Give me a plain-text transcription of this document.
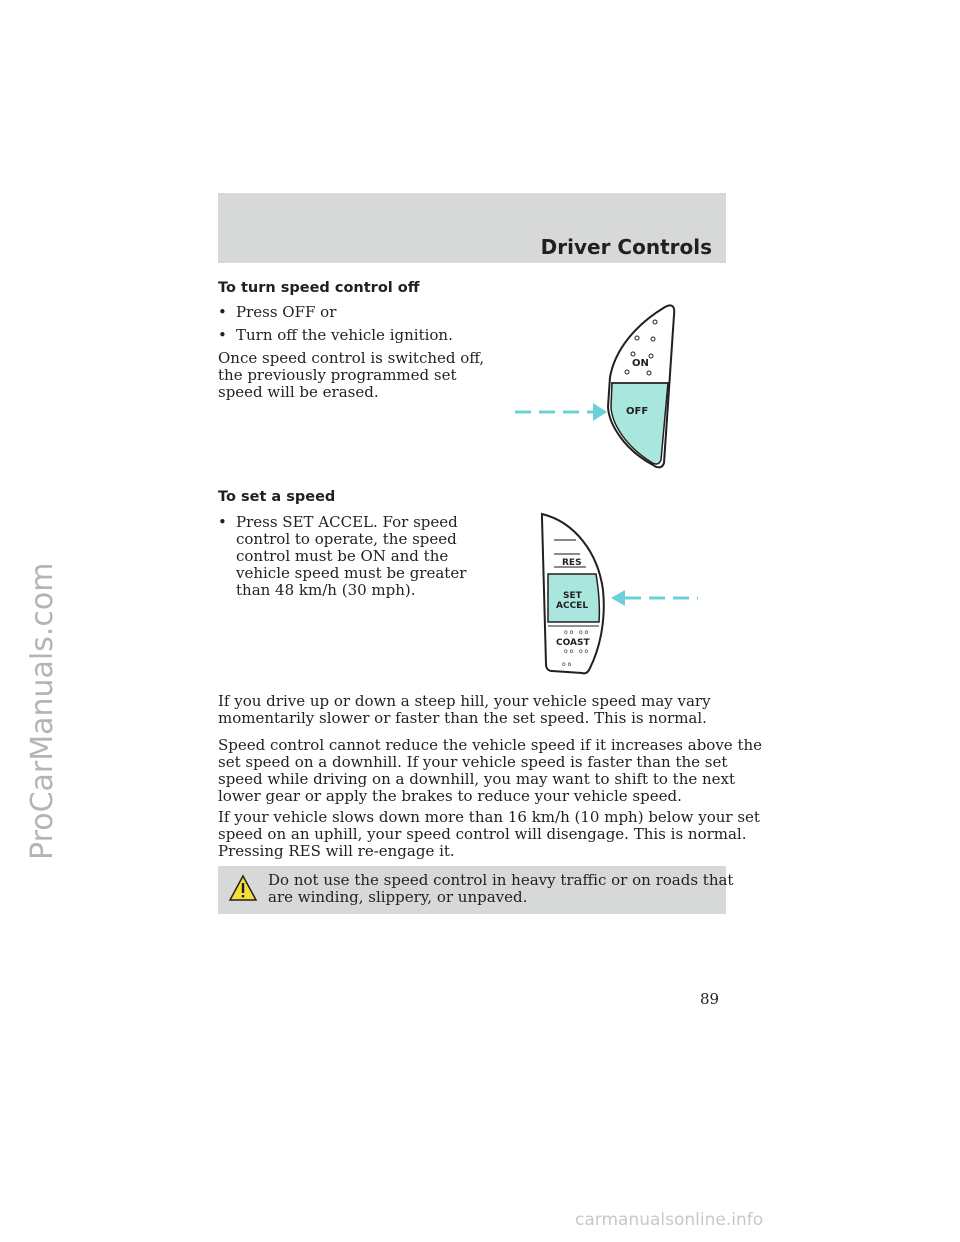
ProCarManuals.com
Driver Controls
To turn speed control off
• Press OFF or
• Turn off the vehicle ignition.
Once speed control is switched off,
the previously programmed set
speed will be erased.
ON
OFF
To set a speed
• Press SET ACCEL. For speed
control to operate, the speed
control must be ON and the
vehicle speed must be greater
than 48 km/h (30 mph).
RES
SET
ACCEL
o o   o o
COAST
o o   o o
o o
If you drive up or down a steep hill, your vehicle speed may vary
momentarily slower or faster than the set speed. This is normal.
Speed control cannot reduce the vehicle speed if it increases above the
set speed on a downhill. If your vehicle speed is faster than the set
speed while driving on a downhill, you may want to shift to the next
lower gear or apply the brakes to reduce your vehicle speed.
If your vehicle slows down more than 16 km/h (10 mph) below your set
speed on an uphill, your speed control will disengage. This is normal.
Pressing RES will re-engage it.
Do not use the speed control in heavy traffic or on roads that
are winding, slippery, or unpaved.
89
carmanualsonline.info
